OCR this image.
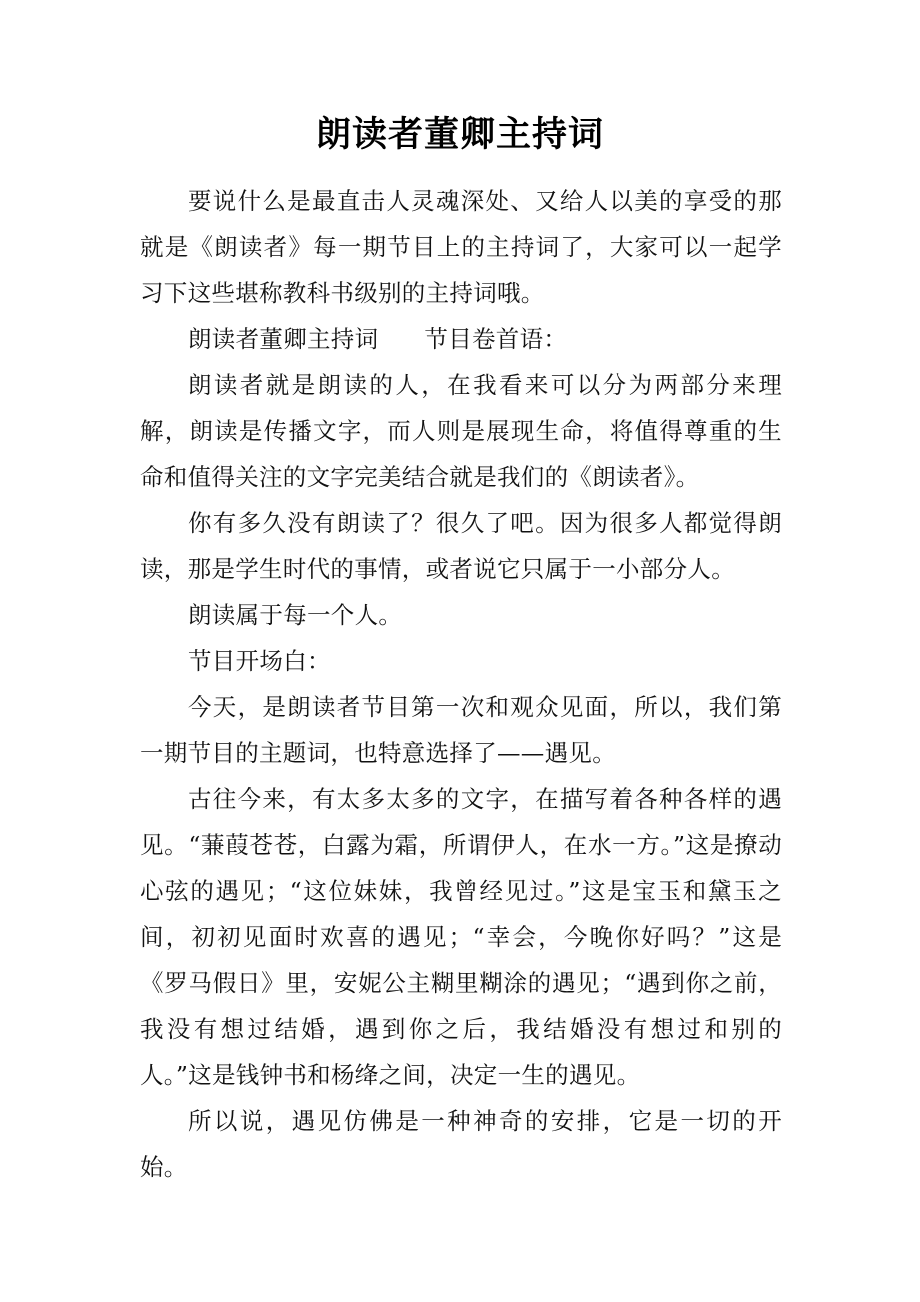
朗读者董卿主持词

要说什么是最直击人灵魂深处、又给人以美的享受的那就是《朗读者》每一期节目上的主持词了，大家可以一起学习下这些堪称教科书级别的主持词哦。

朗读者董卿主持词 节目卷首语：

朗读者就是朗读的人，在我看来可以分为两部分来理解，朗读是传播文字，而人则是展现生命，将值得尊重的生命和值得关注的文字完美结合就是我们的《朗读者》。

你有多久没有朗读了？很久了吧。因为很多人都觉得朗读，那是学生时代的事情，或者说它只属于一小部分人。

朗读属于每一个人。

节目开场白：

今天，是朗读者节目第一次和观众见面，所以，我们第一期节目的主题词，也特意选择了——遇见。

古往今来，有太多太多的文字，在描写着各种各样的遇见。“蒹葭苍苍，白露为霜，所谓伊人，在水一方。”这是撩动心弦的遇见；“这位妹妹，我曾经见过。”这是宝玉和黛玉之间，初初见面时欢喜的遇见；“幸会，今晚你好吗？”这是《罗马假日》里，安妮公主糊里糊涂的遇见；“遇到你之前，我没有想过结婚，遇到你之后，我结婚没有想过和别的人。”这是钱钟书和杨绛之间，决定一生的遇见。

所以说，遇见仿佛是一种神奇的安排，它是一切的开始。
